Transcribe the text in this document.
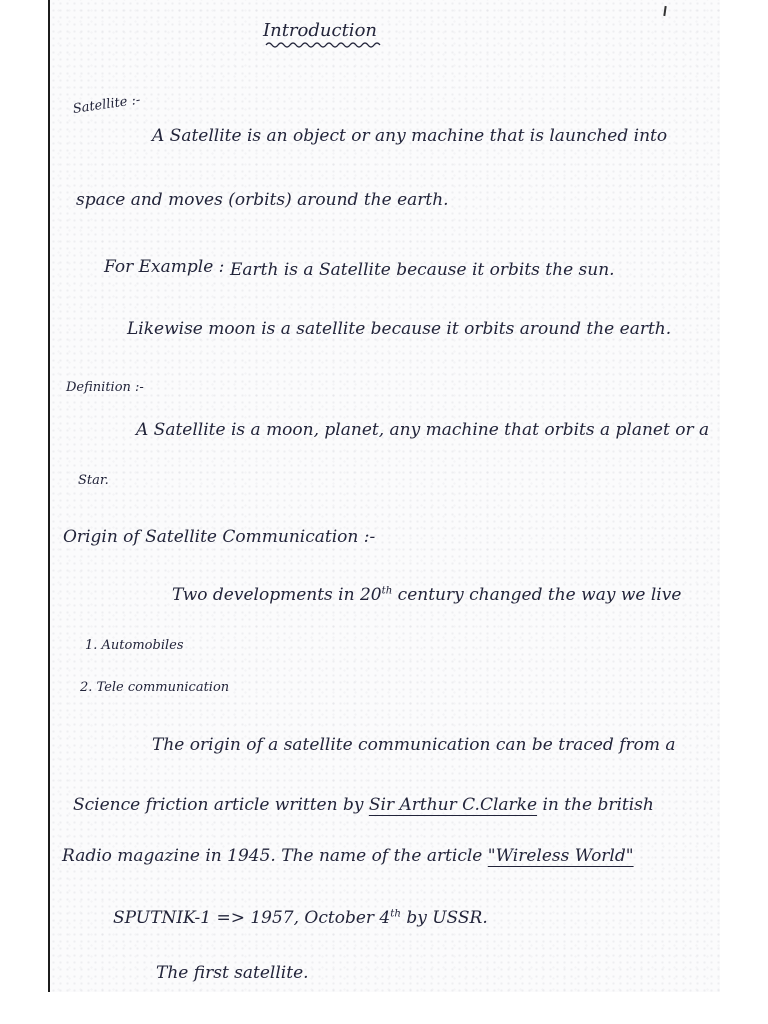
Introduction
Satellite :-
A Satellite is an object or any machine that is launched into
space and moves (orbits) around the earth.
For Example : Earth is a Satellite because it orbits the sun.
Likewise moon is a satellite because it orbits around the earth.
Definition :-
A Satellite is a moon, planet, any machine that orbits a planet or a
Star.
Origin of Satellite Communication :-
Two developments in 20th century changed the way we live
1. Automobiles
2. Tele communication
The origin of a satellite communication can be traced from a
Science friction article written by Sir Arthur C.Clarke in the british
Radio magazine in 1945. The name of the article "Wireless World"
SPUTNIK-1 => 1957, October 4th by USSR.
The first satellite.
